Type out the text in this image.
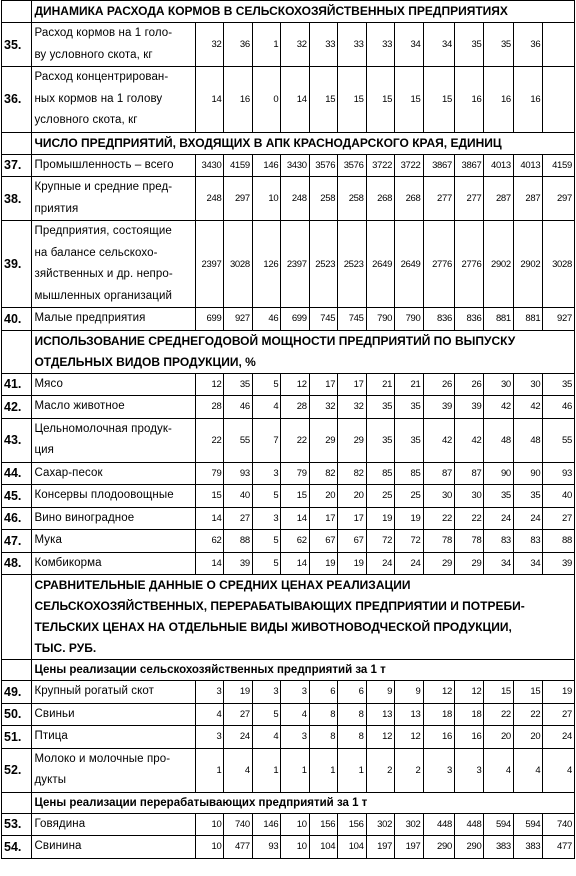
	ДИНАМИКА РАСХОДА КОРМОВ В СЕЛЬСКОХОЗЯЙСТВЕННЫХ ПРЕДПРИЯТИЯХ													

35.	Расход кормов на 1 голо-
ву условного скота, кг	32	36	1	32	33	33	33	34	34	35	35	36	
36.	Расход концентрирован-
ных кормов на 1 голову
условного скота, кг	14	16	0	14	15	15	15	15	15	16	16	16	

	ЧИСЛО ПРЕДПРИЯТИЙ, ВХОДЯЩИХ В АПК КРАСНОДАРСКОГО КРАЯ, ЕДИНИЦ													

37.	Промышленность – всего	3430	4159	146	3430	3576	3576	3722	3722	3867	3867	4013	4013	4159
38.	Крупные и средние пред-
приятия	248	297	10	248	258	258	268	268	277	277	287	287	297
39.	Предприятия, состоящие
на балансе сельскохо-
зяйственных и др. непро-
мышленных организаций	2397	3028	126	2397	2523	2523	2649	2649	2776	2776	2902	2902	3028
40.	Малые предприятия	699	927	46	699	745	745	790	790	836	836	881	881	927

	ИСПОЛЬЗОВАНИЕ СРЕДНЕГОДОВОЙ МОЩНОСТИ ПРЕДПРИЯТИЙ ПО ВЫПУСКУ
ОТДЕЛЬНЫХ ВИДОВ ПРОДУКЦИИ, %													

41.	Мясо	12	35	5	12	17	17	21	21	26	26	30	30	35
42.	Масло животное	28	46	4	28	32	32	35	35	39	39	42	42	46
43.	Цельномолочная продук-
ция	22	55	7	22	29	29	35	35	42	42	48	48	55
44.	Сахар-песок	79	93	3	79	82	82	85	85	87	87	90	90	93
45.	Консервы плодоовощные	15	40	5	15	20	20	25	25	30	30	35	35	40
46.	Вино виноградное	14	27	3	14	17	17	19	19	22	22	24	24	27
47.	Мука	62	88	5	62	67	67	72	72	78	78	83	83	88
48.	Комбикорма	14	39	5	14	19	19	24	24	29	29	34	34	39

	СРАВНИТЕЛЬНЫЕ ДАННЫЕ О СРЕДНИХ ЦЕНАХ РЕАЛИЗАЦИИ
СЕЛЬСКОХОЗЯЙСТВЕННЫХ, ПЕРЕРАБАТЫВАЮЩИХ ПРЕДПРИЯТИИ И ПОТРЕБИ-
ТЕЛЬСКИХ ЦЕНАХ НА ОТДЕЛЬНЫЕ ВИДЫ ЖИВОТНОВОДЧЕСКОЙ ПРОДУКЦИИ,
ТЫС. РУБ.													

	Цены реализации сельскохозяйственных предприятий за 1 т													
49.	Крупный рогатый скот	3	19	3	3	6	6	9	9	12	12	15	15	19
50.	Свиньи	4	27	5	4	8	8	13	13	18	18	22	22	27
51.	Птица	3	24	4	3	8	8	12	12	16	16	20	20	24
52.	Молоко и молочные про-
дукты	1	4	1	1	1	1	2	2	3	3	4	4	4
	Цены реализации перерабатывающих предприятий за 1 т													
53.	Говядина	10	740	146	10	156	156	302	302	448	448	594	594	740
54.	Свинина	10	477	93	10	104	104	197	197	290	290	383	383	477
